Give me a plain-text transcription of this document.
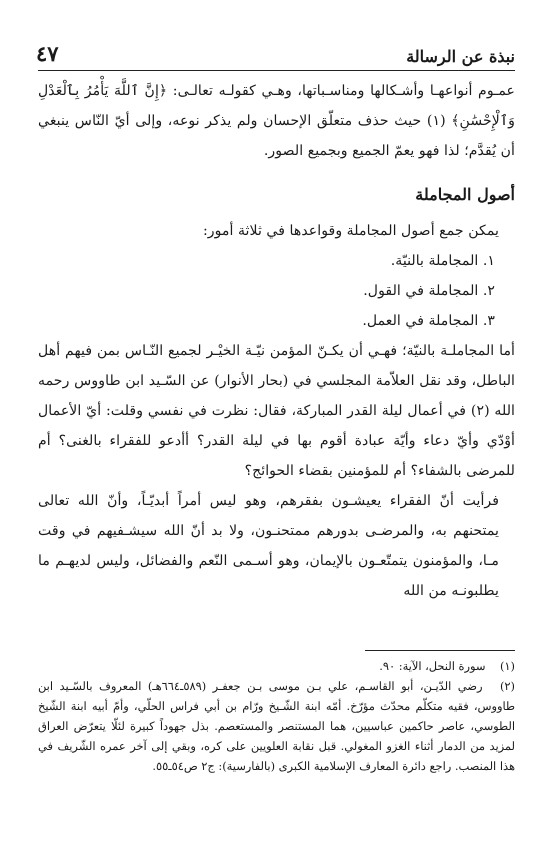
٤٧	نبذة عن الرسالة

عمـوم أنواعهـا وأشـكالها ومناسـباتها، وهـي كقولـه تعالـى: ﴿إِنَّ ٱللَّهَ يَأْمُرُ بِٱلْعَدْلِ وَٱلْإِحْسَٰنِ﴾ (١) حيث حذف متعلّق الإحسان ولم يذكر نوعه، وإلى أيّ النّاس ينبغي أن يُقدَّم؛ لذا فهو يعمّ الجميع وبجميع الصور.

أصول المجاملة

يمكن جمع أصول المجاملة وقواعدها في ثلاثة أمور:

١. المجاملة بالنيّة.

٢. المجاملة في القول.

٣. المجاملة في العمل.

أما المجاملـة بالنيّة؛ فهـي أن يكـنّ المؤمن نيّـة الخيْـر لجميع النّـاس بمن فيهم أهل الباطل، وقد نقل العلاّمة المجلسي في (بحار الأنوار) عن السّـيد ابن طاووس رحمه الله (٢) في أعمال ليلة القدر المباركة، فقال: نظرت في نفسي وقلت: أيّ الأعمال أوْدّي وأيّ دعاء وأيّة عبادة أقوم بها في ليلة القدر؟ أأدعو للفقراء بالغنى؟ أم للمرضى بالشفاء؟ أم للمؤمنين بقضاء الحوائج؟

فرأيت أنّ الفقراء يعيشـون بفقرهم، وهو ليس أمراً أبديّـاً، وأنّ الله تعالى يمتحنهم به، والمرضـى بدورهم ممتحنـون، ولا بد أنّ الله سيشـفيهم في وقت مـا، والمؤمنون يتمتّعـون بالإيمان، وهو أسـمى النّعم والفضائل، وليس لديهـم ما يطلبونـه من الله

(١) سورة النحل، الآية: ٩٠.
(٢) رضي الدّيـن، أبو القاسـم، علي بـن موسى بـن جعفـر (٥٨٩ـ٦٦٤هـ) المعروف بالسّـيد ابن طاووس، فقيه متكلّم محدّث مؤرّخ. أمّه ابنة الشّـيخ ورّام بن أبي فراس الحلّي، وأمّ أبيه ابنة الشّيخ الطوسي، عاصر حاكمين عباسيين، هما المستنصر والمستعصم. بذل جهوداً كبيرة لئلّا يتعرّض العراق لمزيد من الدمار أثناء الغزو المغولي. قبل نقابة العلويين على كره، وبقي إلى آخر عمره الشّريف في هذا المنصب. راجع دائرة المعارف الإسلامية الكبرى (بالفارسية): ج٢ ص٥٤ـ٥٥.
